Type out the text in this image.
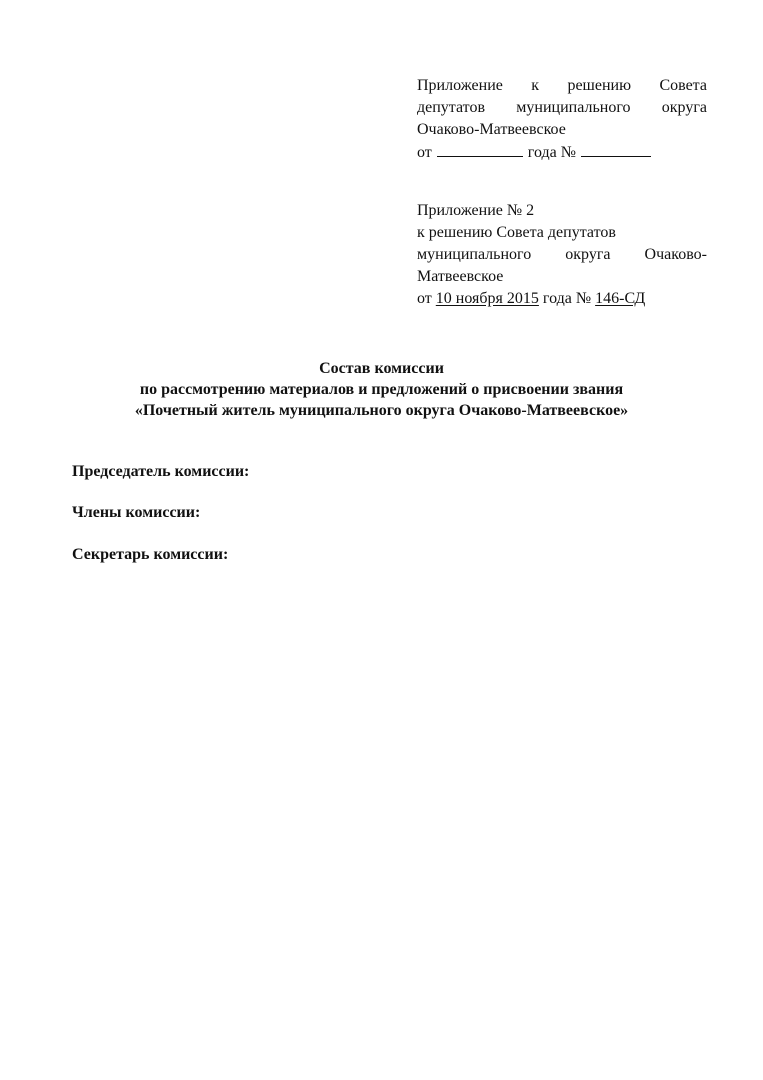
Приложение к решению Совета
депутатов муниципального округа
Очаково-Матвеевское
от	года №
Приложение № 2
к решению Совета депутатов
муниципального округа Очаково-
Матвеевское
от 10 ноября 2015 года № 146-СД
Состав комиссии
по рассмотрению материалов и предложений о присвоении звания
«Почетный житель муниципального округа Очаково-Матвеевское»
Председатель комиссии:
Члены комиссии:
Секретарь комиссии:
